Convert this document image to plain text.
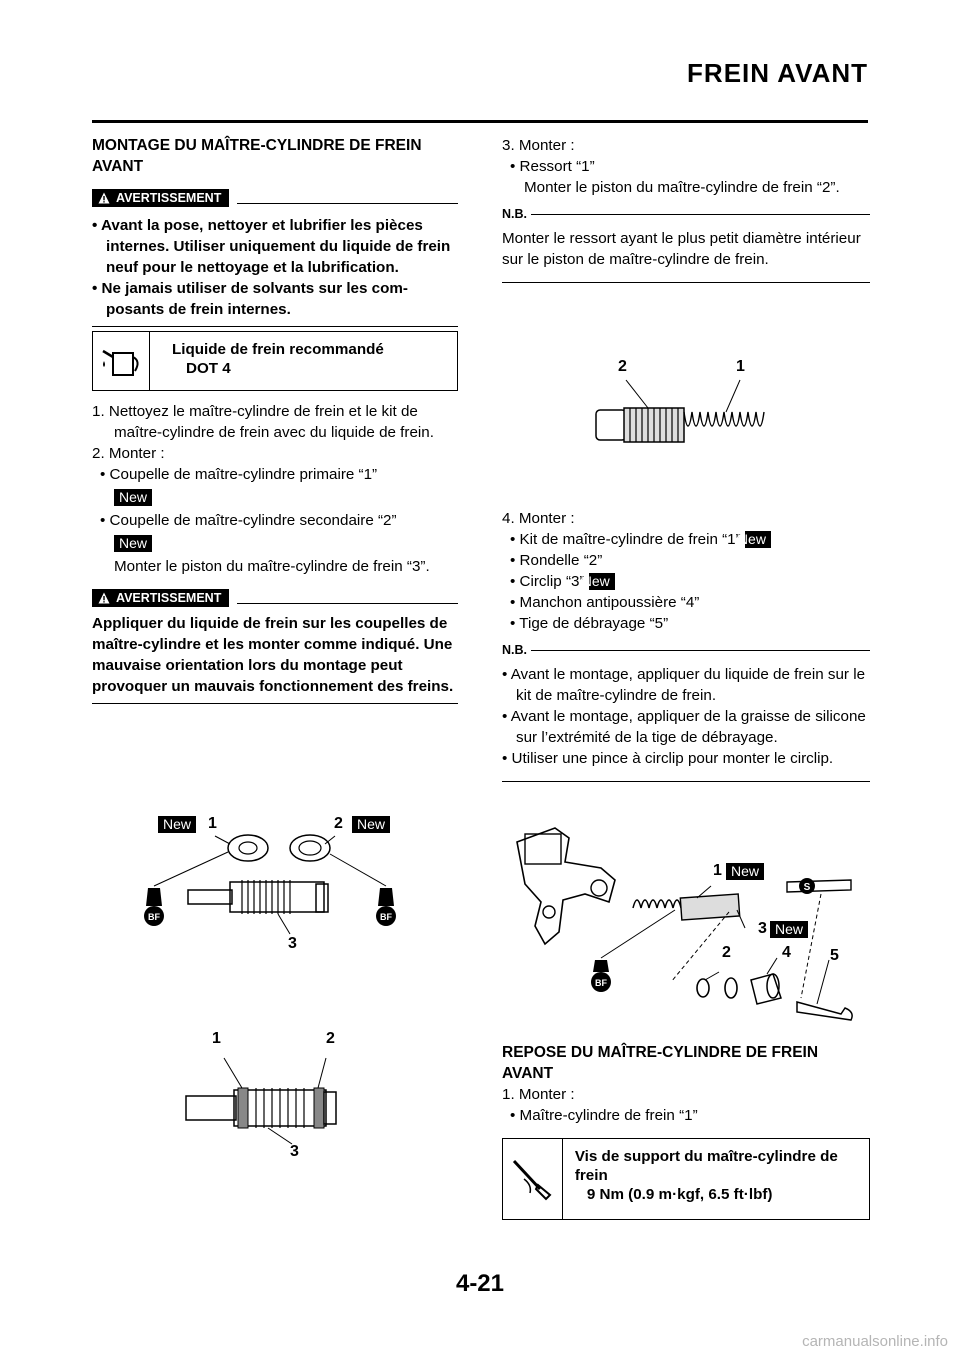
FREIN AVANT
MONTAGE DU MAÎTRE-CYLINDRE DE FREIN AVANT
AVERTISSEMENT
• Avant la pose, nettoyer et lubrifier les pièces internes. Utiliser uniquement du liquide de frein neuf pour le nettoyage et la lubrification.
• Ne jamais utiliser de solvants sur les composants de frein internes.
Liquide de frein recommandé
DOT 4
1. Nettoyez le maître-cylindre de frein et le kit de maître-cylindre de frein avec du liquide de frein.
2. Monter :
• Coupelle de maître-cylindre primaire “1”
New
• Coupelle de maître-cylindre secondaire “2”
New
Monter le piston du maître-cylindre de frein “3”.
AVERTISSEMENT
Appliquer du liquide de frein sur les coupelles de maître-cylindre et les monter comme indiqué. Une mauvaise orientation lors du montage peut provoquer un mauvais fonctionnement des freins.
BF	BF
New	1	2	New
3
1	2
3
3. Monter :
• Ressort “1”
Monter le piston du maître-cylindre de frein “2”.
N.B.
Monter le ressort ayant le plus petit diamètre intérieur sur le piston de maître-cylindre de frein.
2	1
4. Monter :
• Kit de maître-cylindre de frein “1” New
• Rondelle “2”
• Circlip “3” New
• Manchon antipoussière “4”
• Tige de débrayage “5”
N.B.
• Avant le montage, appliquer du liquide de frein sur le kit de maître-cylindre de frein.
• Avant le montage, appliquer de la graisse de silicone sur l’extrémité de la tige de débrayage.
• Utiliser une pince à circlip pour monter le circlip.
S
BF
1 New
3 New
2	4 5
REPOSE DU MAÎTRE-CYLINDRE DE FREIN AVANT
1. Monter :
• Maître-cylindre de frein “1”
Vis de support du maître-cylindre de frein
9 Nm (0.9 m·kgf, 6.5 ft·lbf)
4-21
carmanualsonline.info
